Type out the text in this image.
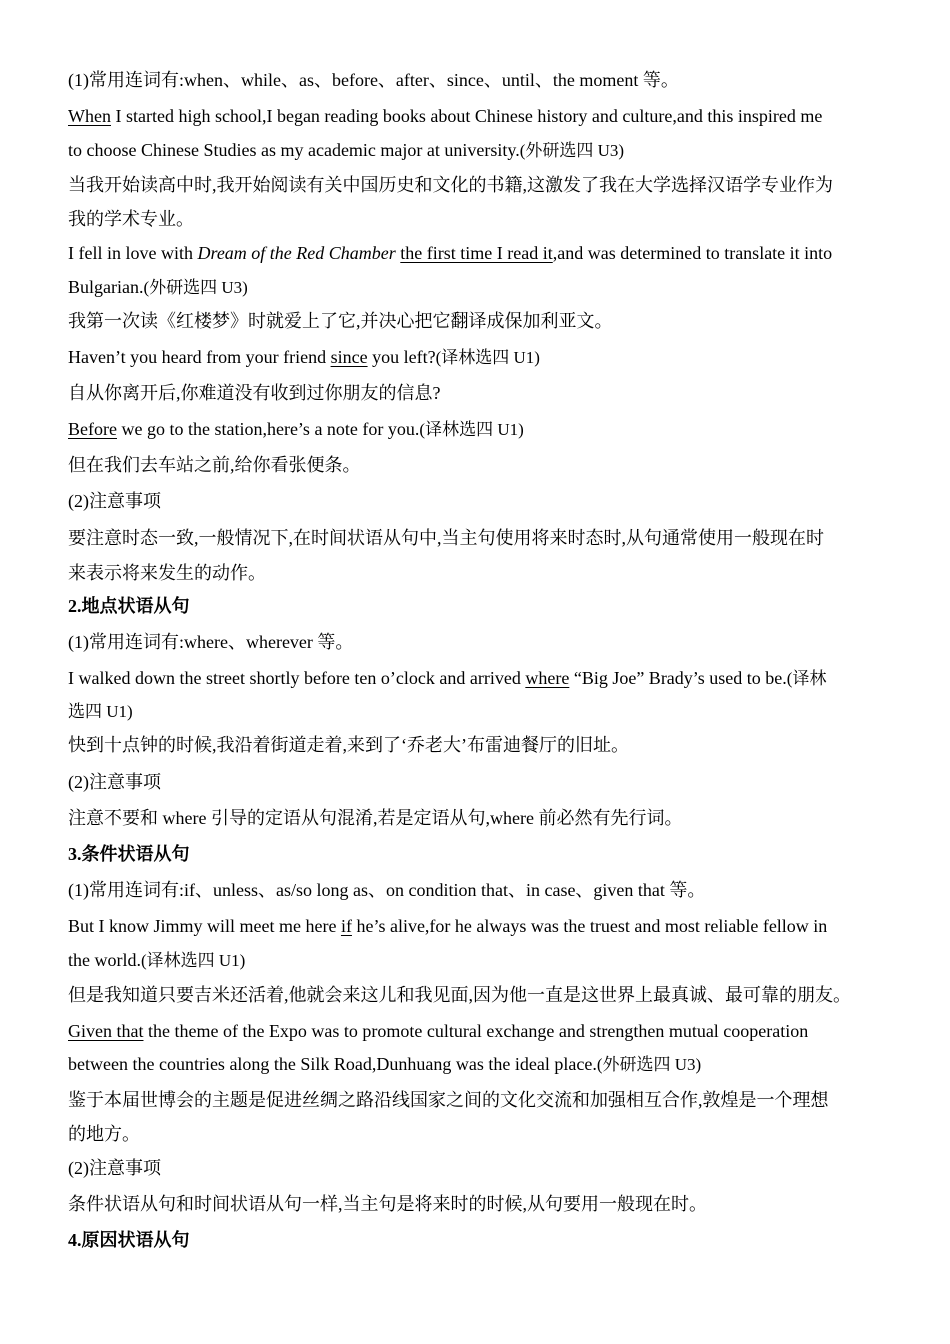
(1)常用连词有:when、while、as、before、after、since、until、the moment 等。
When I started high school,I began reading books about Chinese history and culture,and this inspired me
to choose Chinese Studies as my academic major at university.(外研选四 U3)
当我开始读高中时,我开始阅读有关中国历史和文化的书籍,这激发了我在大学选择汉语学专业作为
我的学术专业。
I fell in love with Dream of the Red Chamber the first time I read it,and was determined to translate it into
Bulgarian.(外研选四 U3)
我第一次读《红楼梦》时就爱上了它,并决心把它翻译成保加利亚文。
Haven’t you heard from your friend since you left?(译林选四 U1)
自从你离开后,你难道没有收到过你朋友的信息?
Before we go to the station,here’s a note for you.(译林选四 U1)
但在我们去车站之前,给你看张便条。
(2)注意事项
要注意时态一致,一般情况下,在时间状语从句中,当主句使用将来时态时,从句通常使用一般现在时
来表示将来发生的动作。
2.地点状语从句
(1)常用连词有:where、wherever 等。
I walked down the street shortly before ten o’clock and arrived where “Big Joe” Brady’s used to be.(译林
选四 U1)
快到十点钟的时候,我沿着街道走着,来到了‘乔老大’布雷迪餐厅的旧址。
(2)注意事项
注意不要和 where 引导的定语从句混淆,若是定语从句,where 前必然有先行词。
3.条件状语从句
(1)常用连词有:if、unless、as/so long as、on condition that、in case、given that 等。
But I know Jimmy will meet me here if he’s alive,for he always was the truest and most reliable fellow in
the world.(译林选四 U1)
但是我知道只要吉米还活着,他就会来这儿和我见面,因为他一直是这世界上最真诚、最可靠的朋友。
Given that the theme of the Expo was to promote cultural exchange and strengthen mutual cooperation
between the countries along the Silk Road,Dunhuang was the ideal place.(外研选四 U3)
鉴于本届世博会的主题是促进丝绸之路沿线国家之间的文化交流和加强相互合作,敦煌是一个理想
的地方。
(2)注意事项
条件状语从句和时间状语从句一样,当主句是将来时的时候,从句要用一般现在时。
4.原因状语从句
